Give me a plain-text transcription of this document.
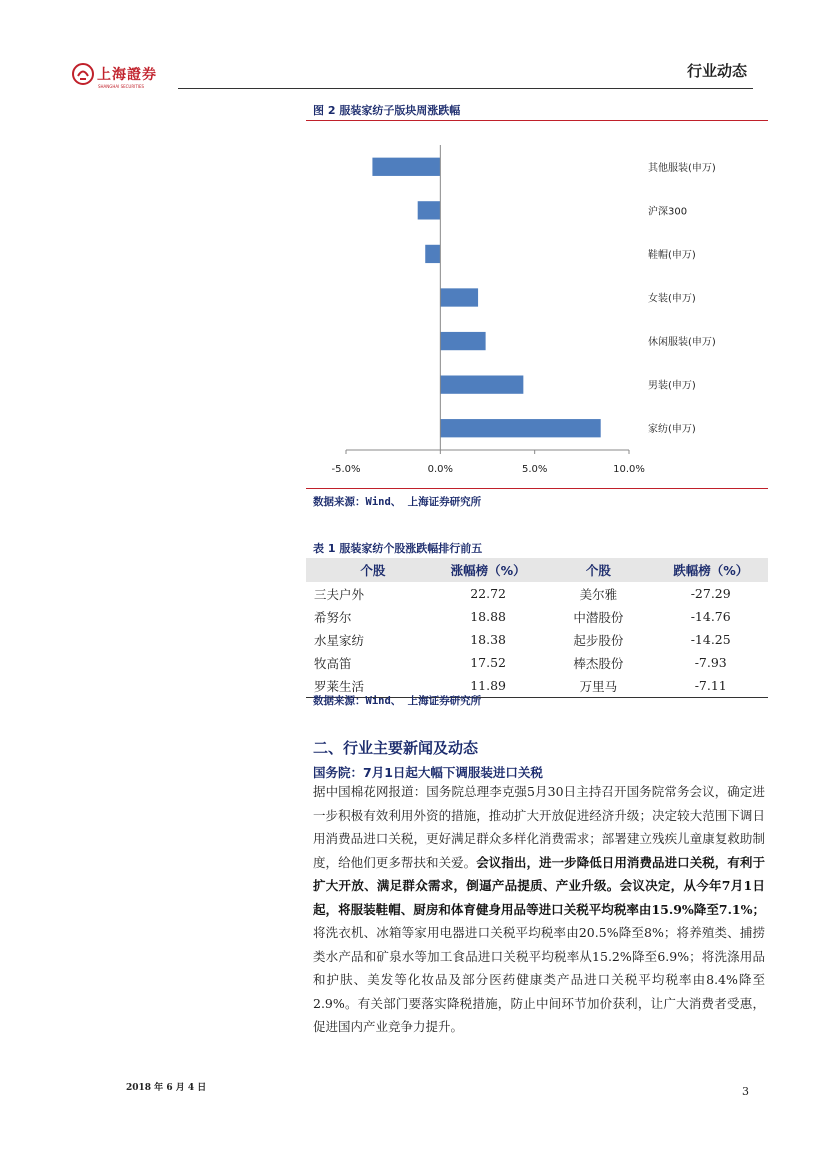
上海證券
SHANGHAI SECURITIES
行业动态
图 2 服装家纺子版块周涨跌幅
其他服装(申万)
沪深300
鞋帽(申万)
女装(申万)
休闲服装(申万)
男装(申万)
家纺(申万)
-5.0%	0.0%	5.0%	10.0%
数据来源：Wind、 上海证券研究所
表 1 服装家纺个股涨跌幅排行前五
个股	涨幅榜（%）	个股	跌幅榜（%）
三夫户外	22.72	美尔雅	-27.29
希努尔	18.88	中潜股份	-14.76
水星家纺	18.38	起步股份	-14.25
牧高笛	17.52	棒杰股份	-7.93
罗莱生活	11.89	万里马	-7.11
数据来源：Wind、 上海证券研究所
二、行业主要新闻及动态
国务院：7月1日起大幅下调服装进口关税

据中国棉花网报道：国务院总理李克强5月30日主持召开国务院常务会议，确定进一步积极有效利用外资的措施，推动扩大开放促进经济升级；决定较大范围下调日用消费品进口关税，更好满足群众多样化消费需求；部署建立残疾儿童康复救助制度，给他们更多帮扶和关爱。会议指出，进一步降低日用消费品进口关税，有利于扩大开放、满足群众需求，倒逼产品提质、产业升级。会议决定，从今年7月1日起，将服装鞋帽、厨房和体育健身用品等进口关税平均税率由15.9%降至7.1%；将洗衣机、冰箱等家用电器进口关税平均税率由20.5%降至8%；将养殖类、捕捞类水产品和矿泉水等加工食品进口关税平均税率从15.2%降至6.9%；将洗涤用品和护肤、美发等化妆品及部分医药健康类产品进口关税平均税率由8.4%降至2.9%。有关部门要落实降税措施，防止中间环节加价获利，让广大消费者受惠，促进国内产业竞争力提升。

2018 年 6 月 4 日	3
